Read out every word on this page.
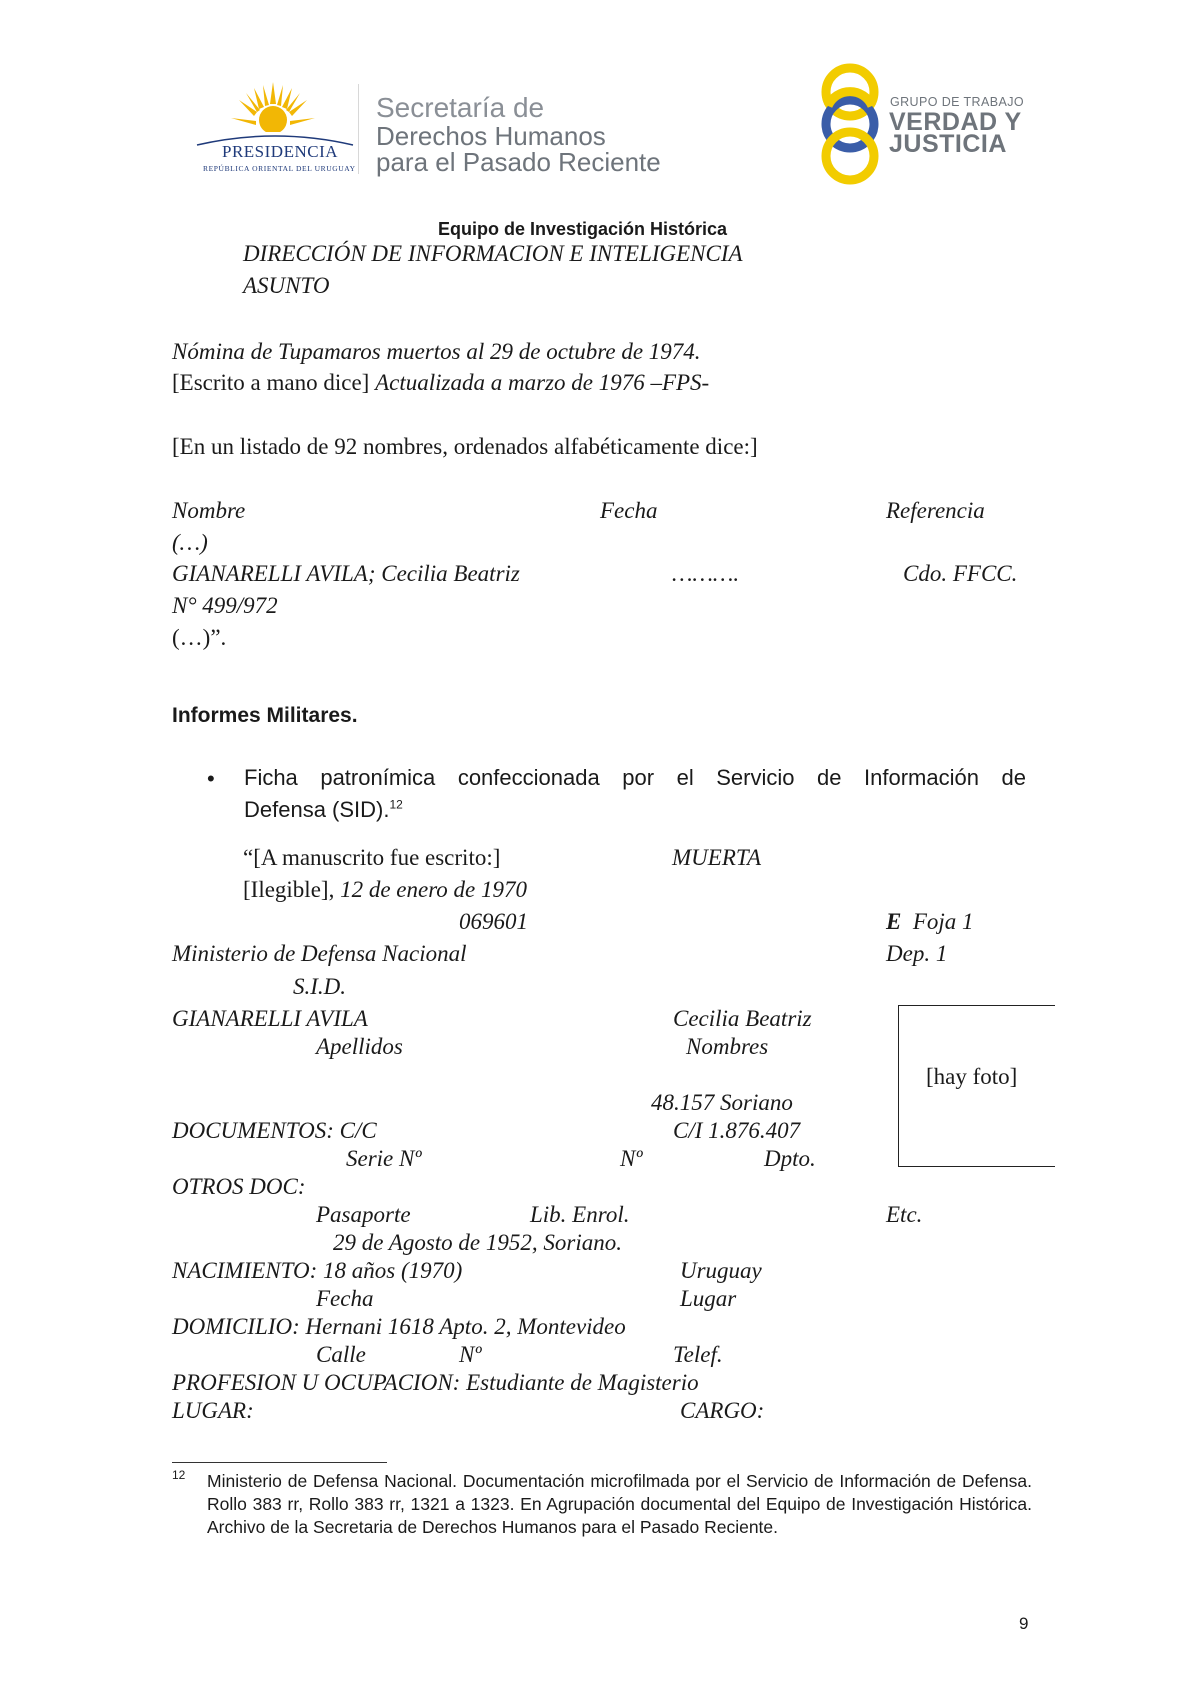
PRESIDENCIA
REPÚBLICA ORIENTAL DEL URUGUAY
Secretaría de
Derechos Humanos
para el Pasado Reciente
GRUPO DE TRABAJO
VERDAD Y
JUSTICIA
Equipo de Investigación Histórica
DIRECCIÓN DE INFORMACION E INTELIGENCIA
ASUNTO
Nómina de Tupamaros muertos al 29 de octubre de 1974.
[Escrito a mano dice] Actualizada a marzo de 1976 –FPS-
[En un listado de 92 nombres, ordenados alfabéticamente dice:]
Nombre	Fecha	Referencia
(…)
GIANARELLI AVILA; Cecilia Beatriz	……….	Cdo. FFCC.
N° 499/972
(…)”.
Informes Militares.
• Ficha patronímica confeccionada por el Servicio de Información de
Defensa (SID).$^{12}$
“[A manuscrito fue escrito:]	MUERTA
[Ilegible], 12 de enero de 1970
069601	E Foja 1
Ministerio de Defensa Nacional	Dep. 1
S.I.D.
GIANARELLI AVILA	Cecilia Beatriz
Apellidos	Nombres
[hay foto]
48.157 Soriano
DOCUMENTOS: C/C	C/I 1.876.407
Serie Nº	Nº	Dpto.
OTROS DOC:
Pasaporte	Lib. Enrol.	Etc.
29 de Agosto de 1952, Soriano.
NACIMIENTO: 18 años (1970)	Uruguay
Fecha	Lugar
DOMICILIO: Hernani 1618 Apto. 2, Montevideo
Calle	Nº	Telef.
PROFESION U OCUPACION: Estudiante de Magisterio
LUGAR:	CARGO:
12 Ministerio de Defensa Nacional. Documentación microfilmada por el Servicio de Información de Defensa. Rollo 383 rr, Rollo 383 rr, 1321 a 1323. En Agrupación documental del Equipo de Investigación Histórica. Archivo de la Secretaria de Derechos Humanos para el Pasado Reciente.
9
